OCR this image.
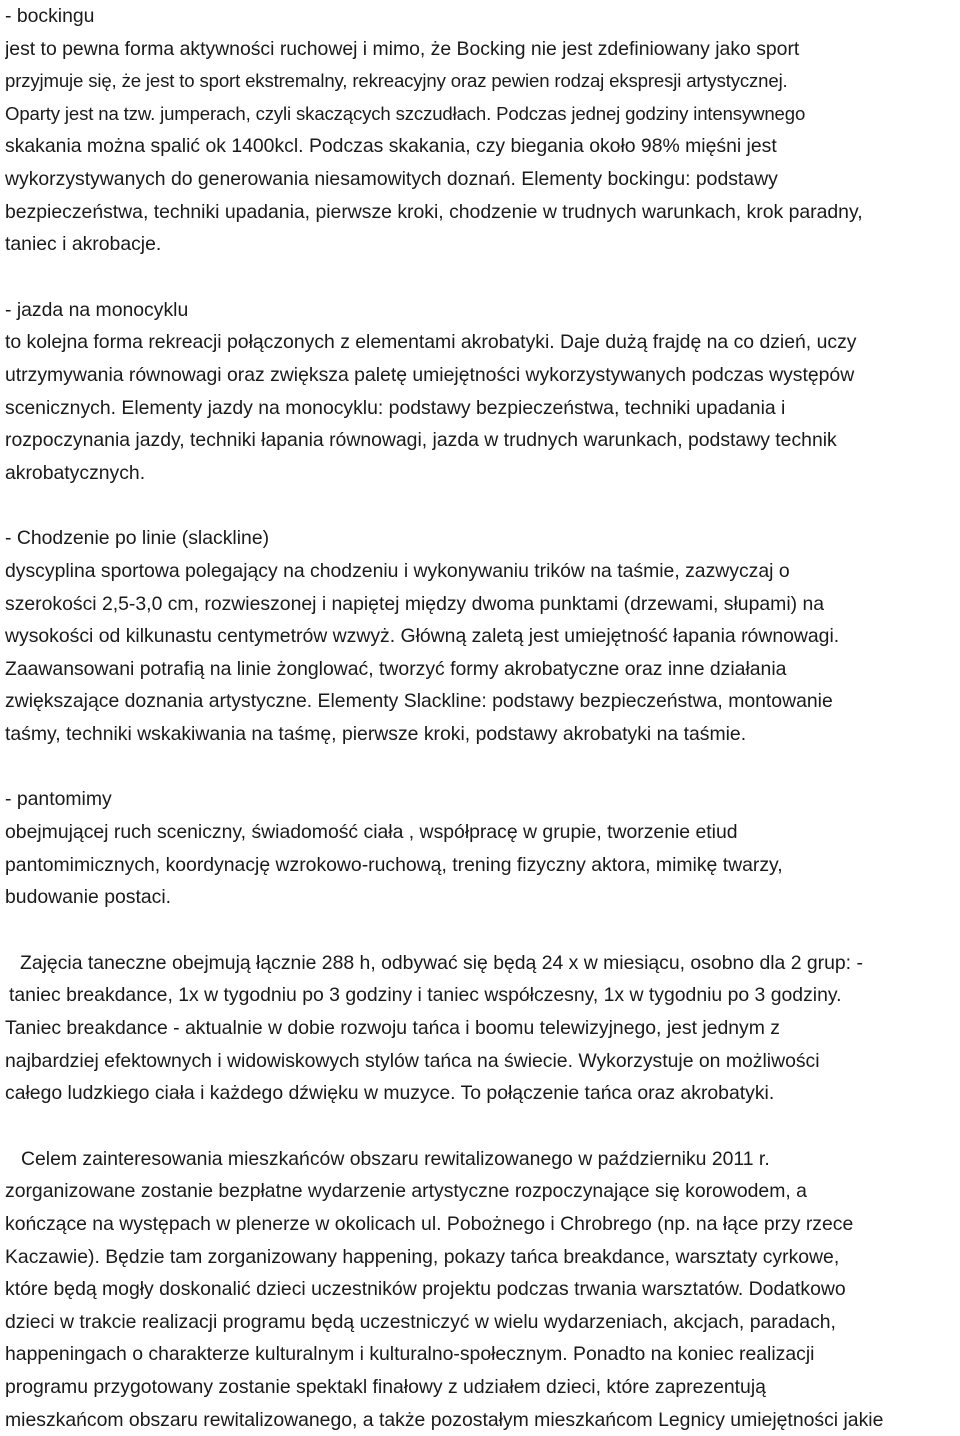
- bockingu
jest to pewna forma aktywności ruchowej i mimo, że Bocking nie jest zdefiniowany jako sport
przyjmuje się, że jest to sport ekstremalny, rekreacyjny oraz pewien rodzaj ekspresji artystycznej.
Oparty jest na tzw. jumperach, czyli skaczących szczudłach. Podczas jednej godziny intensywnego
skakania można spalić ok 1400kcl. Podczas skakania, czy biegania około 98% mięśni jest
wykorzystywanych do generowania niesamowitych doznań. Elementy bockingu: podstawy
bezpieczeństwa, techniki upadania, pierwsze kroki, chodzenie w trudnych warunkach, krok paradny,
taniec i akrobacje.
- jazda na monocyklu
to kolejna forma rekreacji połączonych z elementami akrobatyki. Daje dużą frajdę na co dzień, uczy
utrzymywania równowagi oraz zwiększa paletę umiejętności wykorzystywanych podczas występów
scenicznych. Elementy jazdy na monocyklu: podstawy bezpieczeństwa, techniki upadania i
rozpoczynania jazdy, techniki łapania równowagi, jazda w trudnych warunkach, podstawy technik
akrobatycznych.
- Chodzenie po linie (slackline)
dyscyplina sportowa polegający na chodzeniu i wykonywaniu trików na taśmie, zazwyczaj o
szerokości 2,5-3,0 cm, rozwieszonej i napiętej między dwoma punktami (drzewami, słupami) na
wysokości od kilkunastu centymetrów wzwyż. Główną zaletą jest umiejętność łapania równowagi.
Zaawansowani potrafią na linie żonglować, tworzyć formy akrobatyczne oraz inne działania
zwiększające doznania artystyczne. Elementy Slackline: podstawy bezpieczeństwa, montowanie
taśmy, techniki wskakiwania na taśmę, pierwsze kroki, podstawy akrobatyki na taśmie.
- pantomimy
obejmującej ruch sceniczny, świadomość ciała , współpracę w grupie, tworzenie etiud
pantomimicznych, koordynację wzrokowo-ruchową, trening fizyczny aktora, mimikę twarzy,
budowanie postaci.
Zajęcia taneczne obejmują łącznie 288 h, odbywać się będą 24 x w miesiącu, osobno dla 2 grup: -
taniec breakdance, 1x w tygodniu po 3 godziny i taniec współczesny, 1x w tygodniu po 3 godziny.
Taniec breakdance - aktualnie w dobie rozwoju tańca i boomu telewizyjnego, jest jednym z
najbardziej efektownych i widowiskowych stylów tańca na świecie. Wykorzystuje on możliwości
całego ludzkiego ciała i każdego dźwięku w muzyce. To połączenie tańca oraz akrobatyki.
Celem zainteresowania mieszkańców obszaru rewitalizowanego w październiku 2011 r.
zorganizowane zostanie bezpłatne wydarzenie artystyczne rozpoczynające się korowodem, a
kończące na występach w plenerze w okolicach ul. Pobożnego i Chrobrego (np. na łące przy rzece
Kaczawie). Będzie tam zorganizowany happening, pokazy tańca breakdance, warsztaty cyrkowe,
które będą mogły doskonalić dzieci uczestników projektu podczas trwania warsztatów. Dodatkowo
dzieci w trakcie realizacji programu będą uczestniczyć w wielu wydarzeniach, akcjach, paradach,
happeningach o charakterze kulturalnym i kulturalno-społecznym. Ponadto na koniec realizacji
programu przygotowany zostanie spektakl finałowy z udziałem dzieci, które zaprezentują
mieszkańcom obszaru rewitalizowanego, a także pozostałym mieszkańcom Legnicy umiejętności jakie
